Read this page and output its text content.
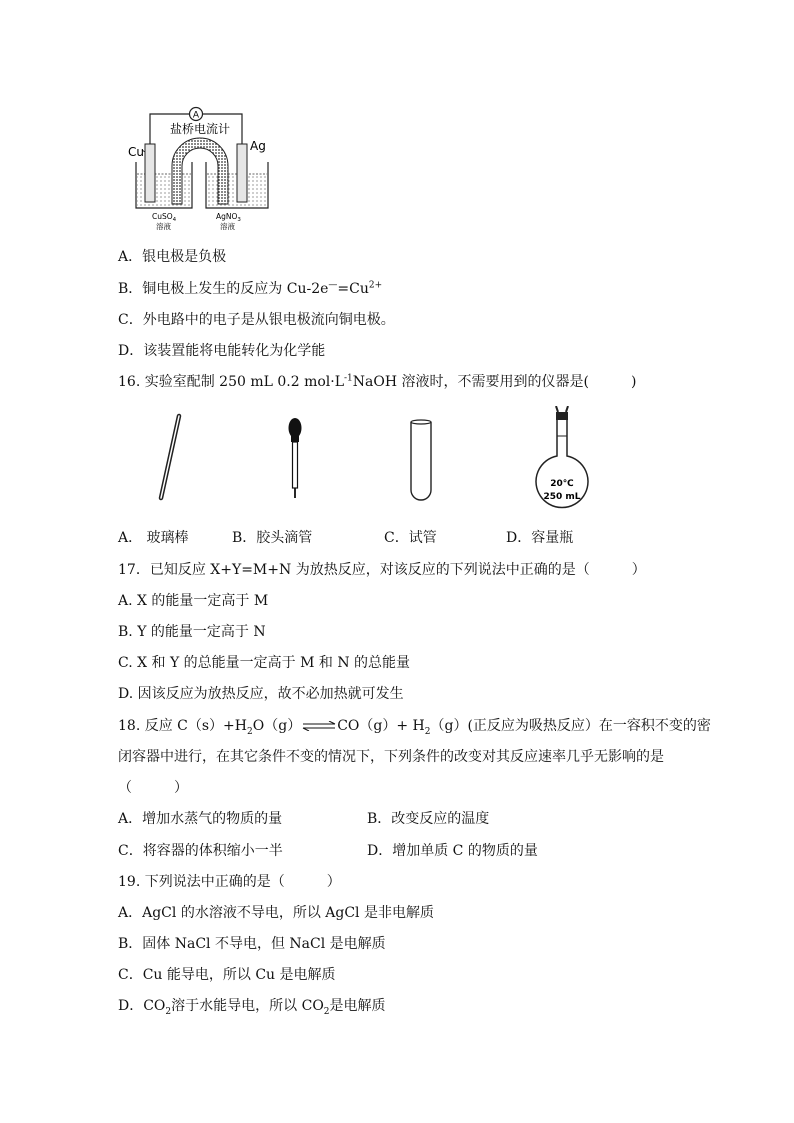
A
盐桥电流计
Cu	Ag
CuSO$_4$
溶液
AgNO$_3$
溶液
A．银电极是负极
B．铜电极上发生的反应为 $Cu-2e^—=Cu^{2+}$
C．外电路中的电子是从银电极流向铜电极。
D．该装置能将电能转化为化学能
16. 实验室配制 250 mL 0.2 $mol\cdot L^{-1}NaOH$ 溶液时，不需要用到的仪器是(　　　)
20℃
250 mL
A． 玻璃棒	B．胶头滴管	C．试管	D．容量瓶
17．已知反应 X+Y=M+N 为放热反应，对该反应的下列说法中正确的是（　　　）
A. X 的能量一定高于 M
B. Y 的能量一定高于 N
C. X 和 Y 的总能量一定高于 M 和 N 的总能量
D. 因该反应为放热反应，故不必加热就可发生
18. 反应 $C(s)+H_2O(g)\rightleftharpoons CO(g)+ H_2(g)$(正反应为吸热反应）在一容积不变的密
闭容器中进行，在其它条件不变的情况下，下列条件的改变对其反应速率几乎无影响的是
（　　　）
A．增加水蒸气的物质的量	B．改变反应的温度
C．将容器的体积缩小一半	D．增加单质 C 的物质的量
19. 下列说法中正确的是（　　　）
A．AgCl 的水溶液不导电，所以 AgCl 是非电解质
B．固体 NaCl 不导电，但 NaCl 是电解质
C．Cu 能导电，所以 Cu 是电解质
D．$CO_2$溶于水能导电，所以 $CO_2$是电解质
